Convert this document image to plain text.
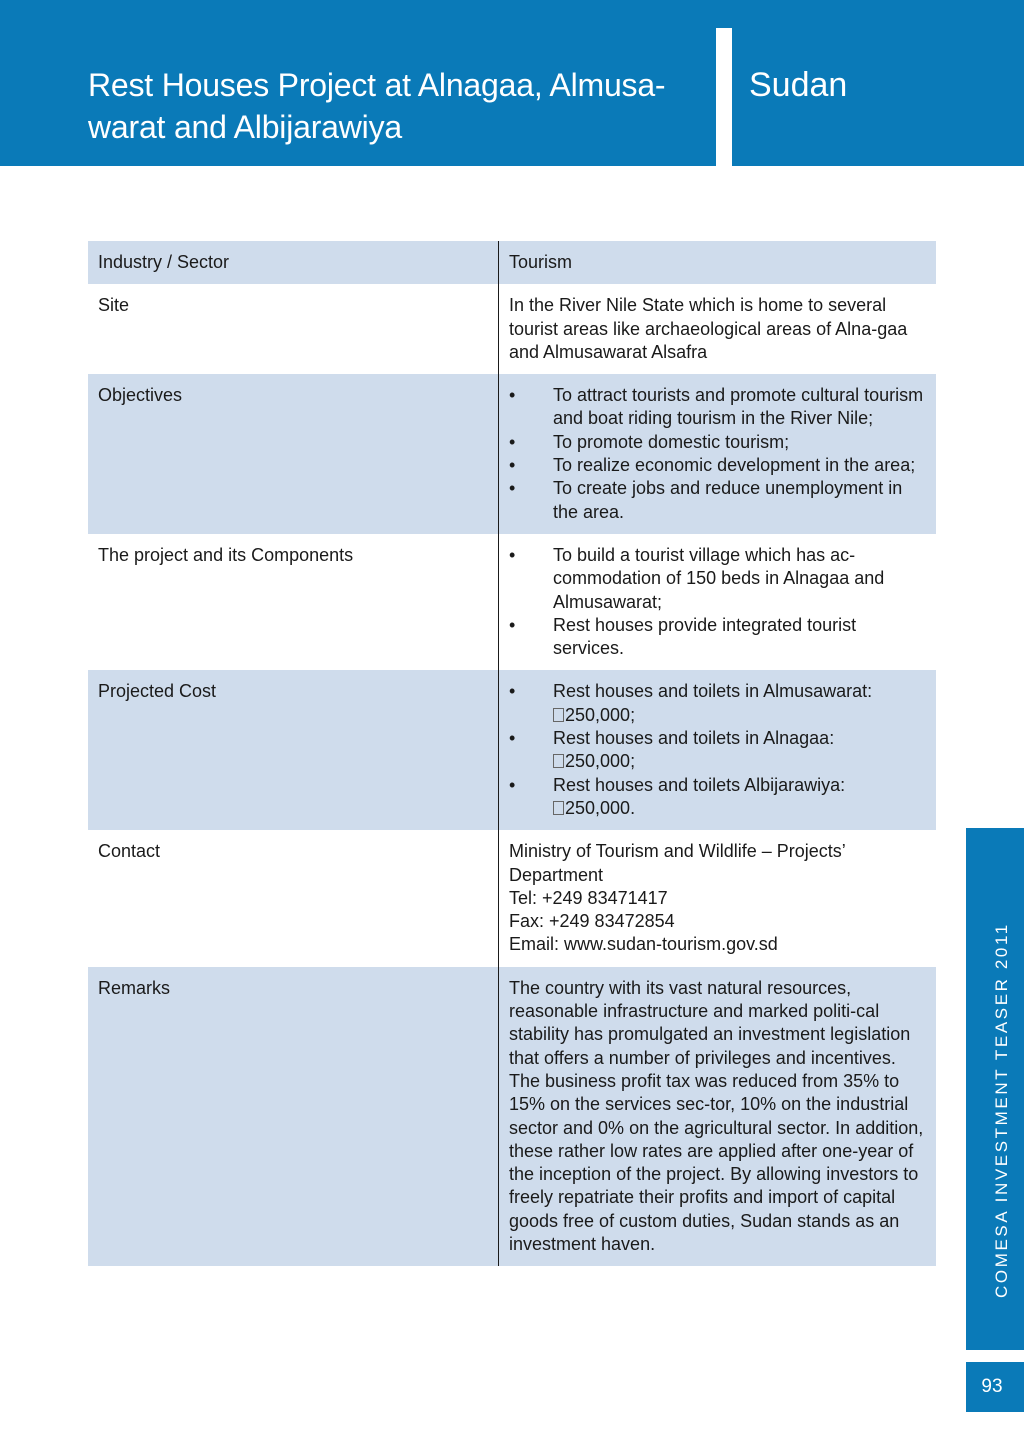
Rest Houses Project at Alnagaa, Almusa-warat and Albijarawiya
Sudan
Industry / Sector	Tourism
Site	In the River Nile State which is home to several tourist areas like archaeological areas of Alna-gaa and Almusawarat Alsafra
Objectives	• To attract tourists and promote cultural tourism and boat riding tourism in the River Nile;
• To promote domestic tourism;
• To realize economic development in the area;
• To create jobs and reduce unemployment in the area.
The project and its Components	• To build a tourist village which has ac-commodation of 150 beds in Alnagaa and Almusawarat;
• Rest houses provide integrated tourist services.
Projected Cost	• Rest houses and toilets in Almusawarat:
250,000;
• Rest houses and toilets in Alnagaa:
250,000;
• Rest houses and toilets Albijarawiya:
250,000.
Contact	Ministry of Tourism and Wildlife – Projects’ Department

Tel: +249 83471417

Fax: +249 83472854

Email: www.sudan-tourism.gov.sd

Remarks	The country with its vast natural resources, reasonable infrastructure and marked politi-cal stability has promulgated an investment legislation that offers a number of privileges and incentives. The business profit tax was reduced from 35% to 15% on the services sec-tor, 10% on the industrial sector and 0% on the agricultural sector. In addition, these rather low rates are applied after one-year of the inception of the project. By allowing investors to freely repatriate their profits and import of capital goods free of custom duties, Sudan stands as an investment haven.	COMESA INVESTMENT TEASER 2011
93
